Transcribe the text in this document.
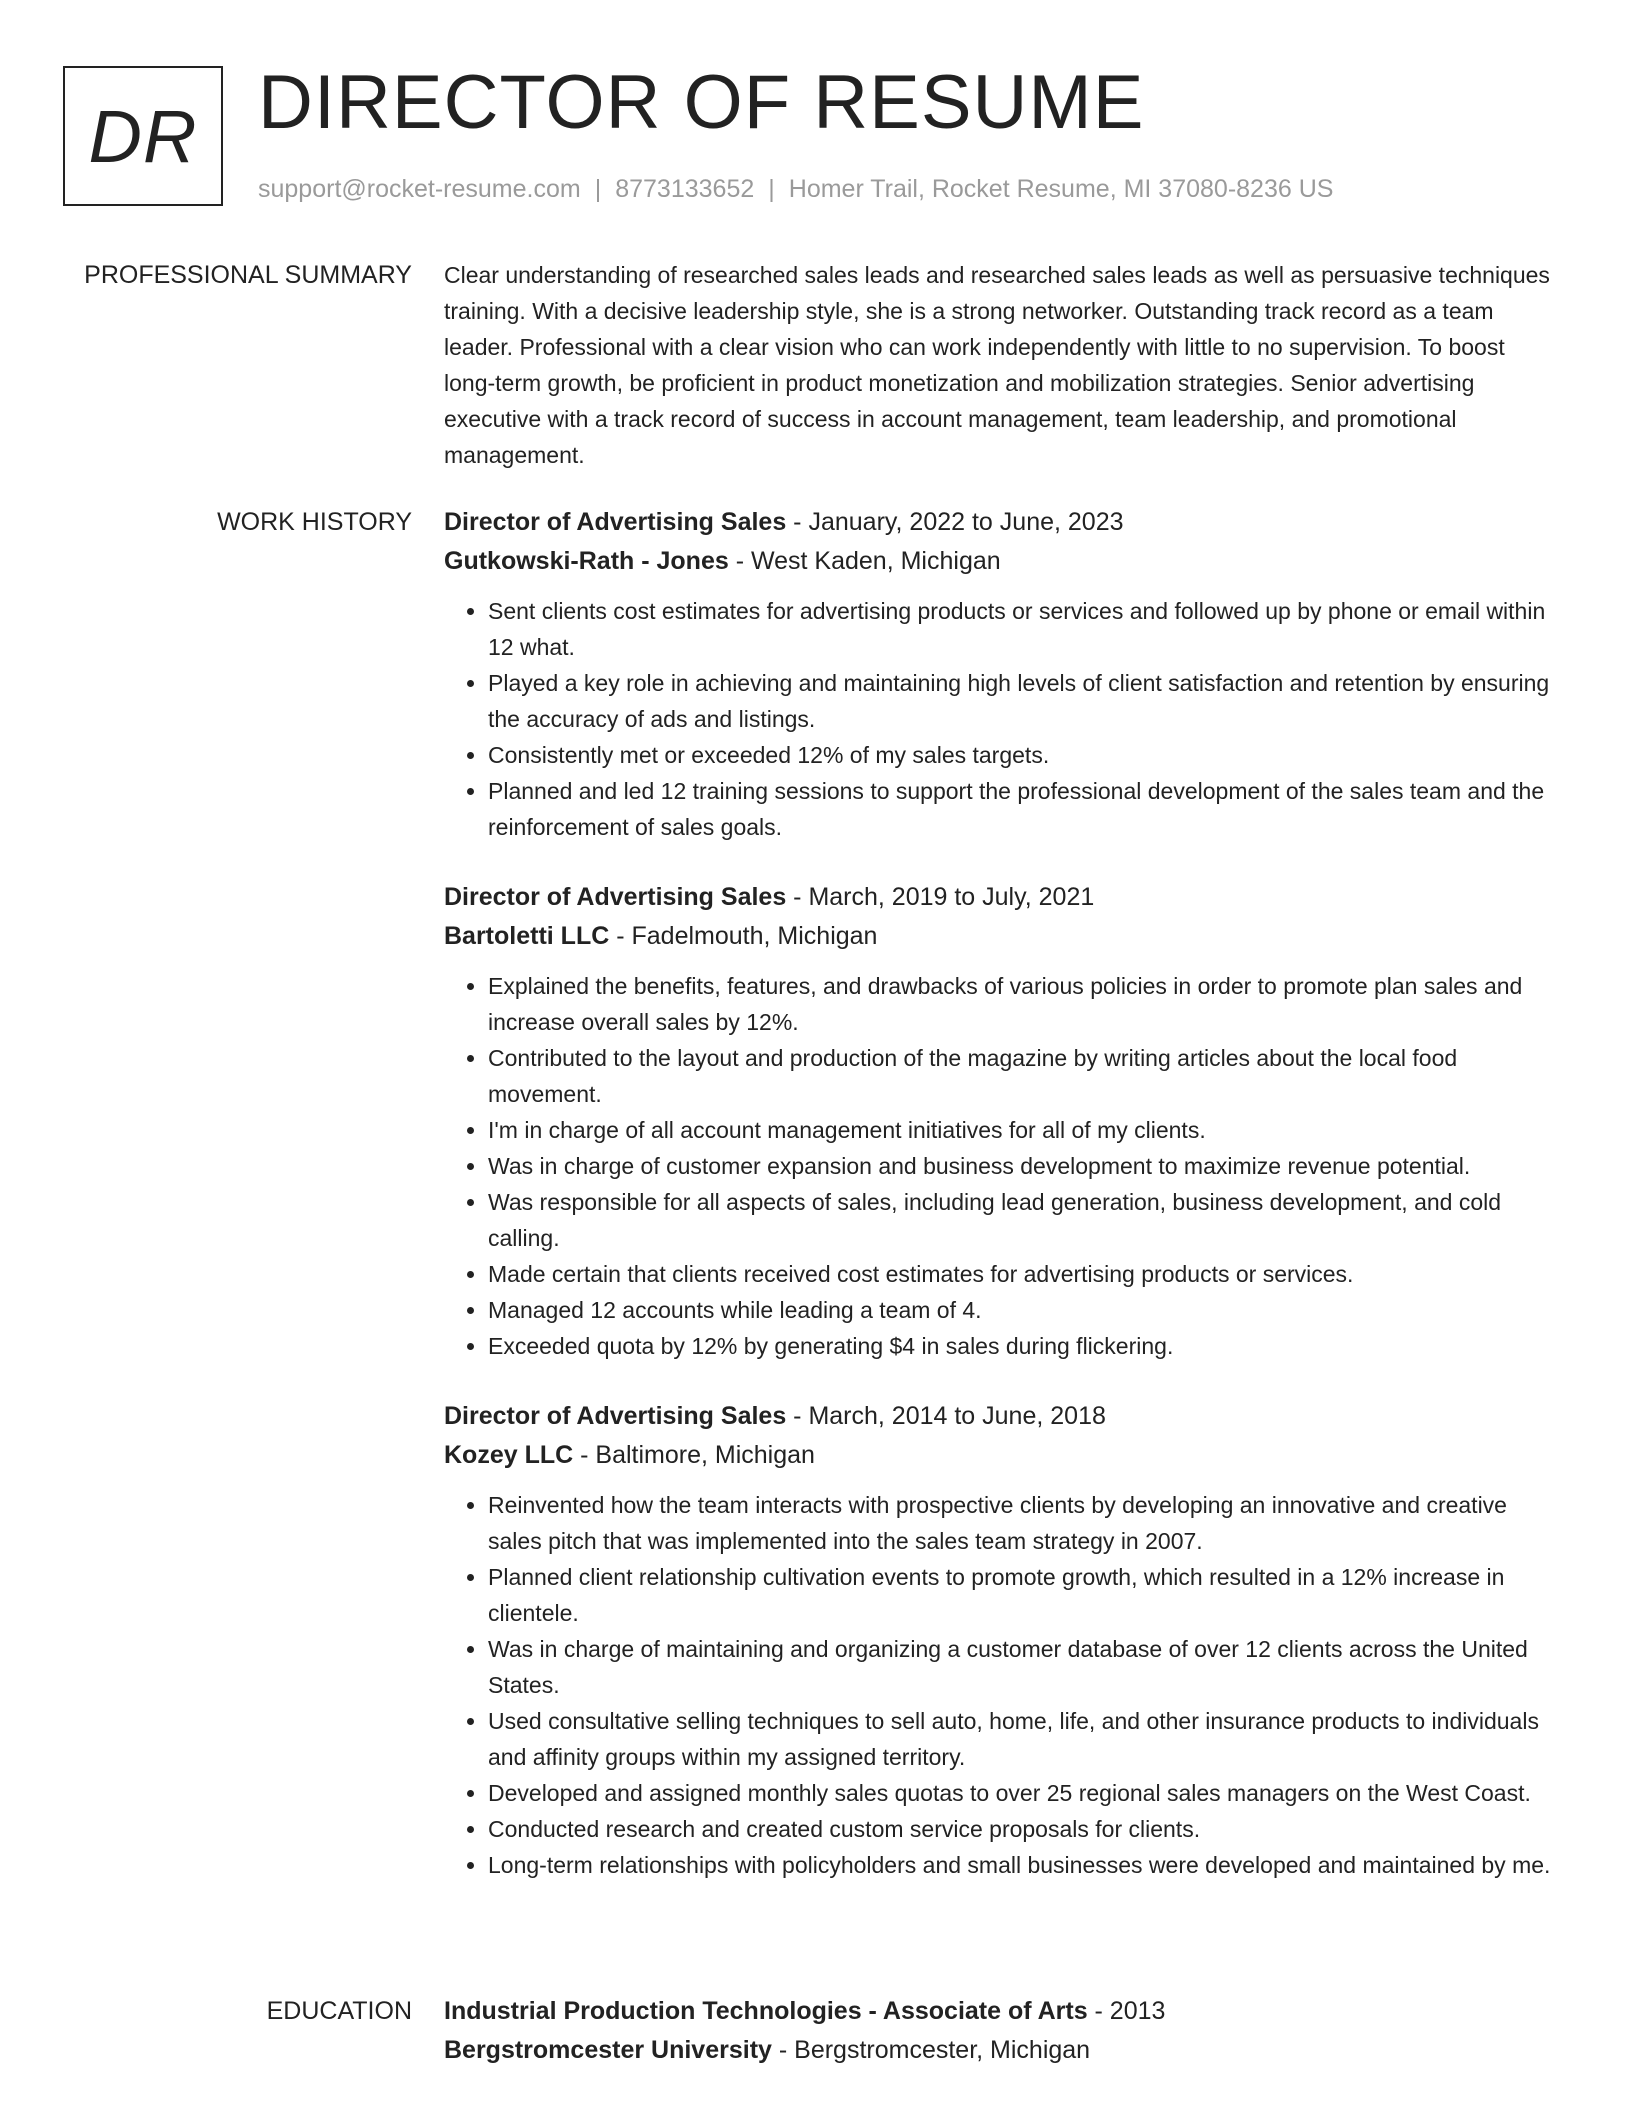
DR DIRECTOR OF RESUME
support@rocket-resume.com | 8773133652 | Homer Trail, Rocket Resume, MI 37080-8236 US
PROFESSIONAL SUMMARY Clear understanding of researched sales leads and researched sales leads as well as persuasive techniques training. With a decisive leadership style, she is a strong networker. Outstanding track record as a team leader. Professional with a clear vision who can work independently with little to no supervision. To boost long-term growth, be proficient in product monetization and mobilization strategies. Senior advertising executive with a track record of success in account management, team leadership, and promotional management.

WORK HISTORY Director of Advertising Sales - January, 2022 to June, 2023
Gutkowski-Rath - Jones - West Kaden, Michigan
• Sent clients cost estimates for advertising products or services and followed up by phone or email within 12 what.
• Played a key role in achieving and maintaining high levels of client satisfaction and retention by ensuring the accuracy of ads and listings.
• Consistently met or exceeded 12% of my sales targets.
• Planned and led 12 training sessions to support the professional development of the sales team and the reinforcement of sales goals.
Director of Advertising Sales - March, 2019 to July, 2021
Bartoletti LLC - Fadelmouth, Michigan
• Explained the benefits, features, and drawbacks of various policies in order to promote plan sales and increase overall sales by 12%.
• Contributed to the layout and production of the magazine by writing articles about the local food movement.
• I'm in charge of all account management initiatives for all of my clients.
• Was in charge of customer expansion and business development to maximize revenue potential.
• Was responsible for all aspects of sales, including lead generation, business development, and cold calling.
• Made certain that clients received cost estimates for advertising products or services.
• Managed 12 accounts while leading a team of 4.
• Exceeded quota by 12% by generating $4 in sales during flickering.
Director of Advertising Sales - March, 2014 to June, 2018
Kozey LLC - Baltimore, Michigan
• Reinvented how the team interacts with prospective clients by developing an innovative and creative sales pitch that was implemented into the sales team strategy in 2007.
• Planned client relationship cultivation events to promote growth, which resulted in a 12% increase in clientele.
• Was in charge of maintaining and organizing a customer database of over 12 clients across the United States.
• Used consultative selling techniques to sell auto, home, life, and other insurance products to individuals and affinity groups within my assigned territory.
• Developed and assigned monthly sales quotas to over 25 regional sales managers on the West Coast.
• Conducted research and created custom service proposals for clients.
• Long-term relationships with policyholders and small businesses were developed and maintained by me.
EDUCATION Industrial Production Technologies - Associate of Arts - 2013
Bergstromcester University - Bergstromcester, Michigan
